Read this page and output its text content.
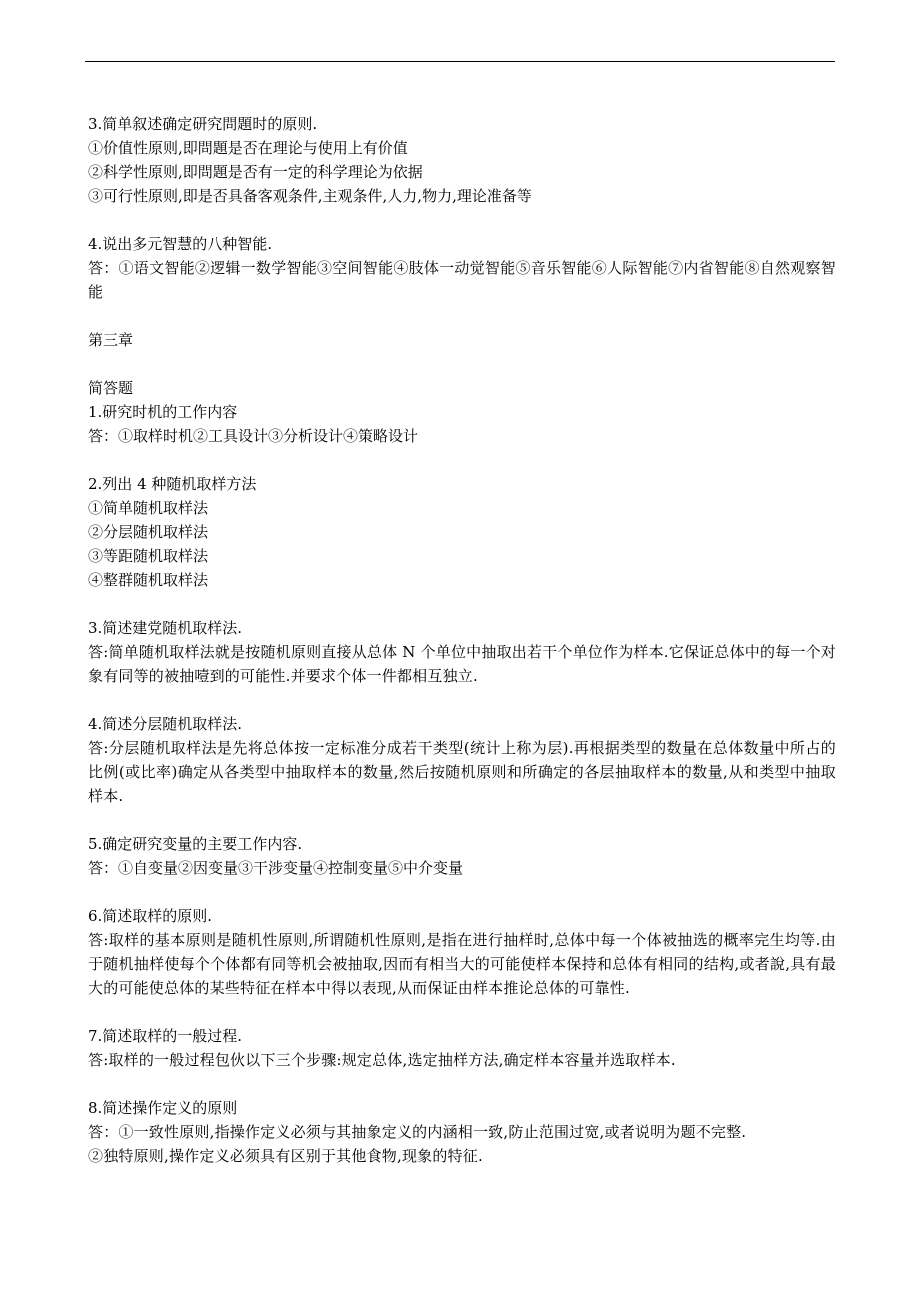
3.简单叙述确定研究問題时的原则.
①价值性原则,即問題是否在理论与使用上有价值
②科学性原则,即問題是否有一定的科学理论为依据
③可行性原则,即是否具备客观条件,主观条件,人力,物力,理论准备等
4.说出多元智慧的八种智能.
答：①语文智能②逻辑一数学智能③空间智能④肢体一动觉智能⑤音乐智能⑥人际智能⑦内省智能⑧自然观察智能
第三章
简答题
1.研究时机的工作内容
答：①取样时机②工具设计③分析设计④策略设计
2.列出 4 种随机取样方法
①简单随机取样法
②分层随机取样法
③等距随机取样法
④整群随机取样法
3.简述建党随机取样法.
答:简单随机取样法就是按随机原则直接从总体 N 个单位中抽取出若干个单位作为样本.它保证总体中的每一个对象有同等的被抽噎到的可能性.并要求个体一件都相互独立.
4.简述分层随机取样法.
答:分层随机取样法是先将总体按一定标准分成若干类型(统计上称为层).再根据类型的数量在总体数量中所占的比例(或比率)确定从各类型中抽取样本的数量,然后按随机原则和所确定的各层抽取样本的数量,从和类型中抽取样本.
5.确定研究变量的主要工作内容.
答：①自变量②因变量③干涉变量④控制变量⑤中介变量
6.简述取样的原则.
答:取样的基本原则是随机性原则,所谓随机性原则,是指在进行抽样时,总体中每一个体被抽选的概率完生均等.由于随机抽样使每个个体都有同等机会被抽取,因而有相当大的可能使样本保持和总体有相同的结构,或者說,具有最大的可能使总体的某些特征在样本中得以表现,从而保证由样本推论总体的可靠性.
7.简述取样的一般过程.
答:取样的一般过程包伙以下三个步骤:规定总体,选定抽样方法,确定样本容量并选取样本.
8.简述操作定义的原则
答：①一致性原则,指操作定义必须与其抽象定义的内涵相一致,防止范围过宽,或者说明为题不完整.
②独特原则,操作定义必须具有区别于其他食物,现象的特征.
